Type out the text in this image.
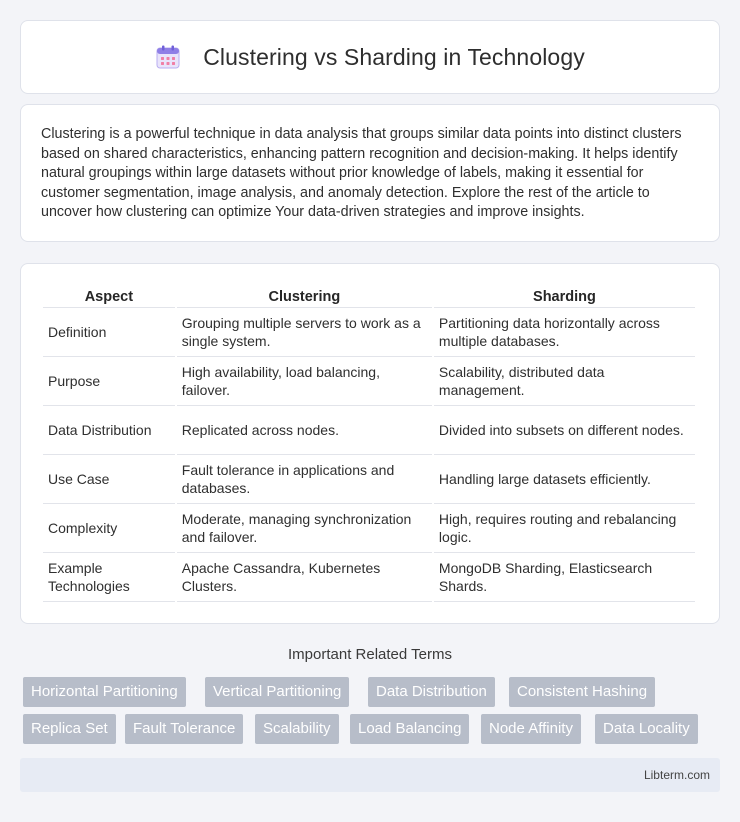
Clustering vs Sharding in Technology

Clustering is a powerful technique in data analysis that groups similar data points into distinct clusters based on shared characteristics, enhancing pattern recognition and decision-making. It helps identify natural groupings within large datasets without prior knowledge of labels, making it essential for customer segmentation, image analysis, and anomaly detection. Explore the rest of the article to uncover how clustering can optimize Your data-driven strategies and improve insights.

Aspect	Clustering	Sharding
Definition	Grouping multiple servers to work as a single system.	Partitioning data horizontally across multiple databases.
Purpose	High availability, load balancing, failover.	Scalability, distributed data management.
Data Distribution	Replicated across nodes.	Divided into subsets on different nodes.
Use Case	Fault tolerance in applications and databases.	Handling large datasets efficiently.
Complexity	Moderate, managing synchronization and failover.	High, requires routing and rebalancing logic.
Example Technologies	Apache Cassandra, Kubernetes Clusters.	MongoDB Sharding, Elasticsearch Shards.
Important Related Terms
Horizontal Partitioning	Vertical Partitioning	Data Distribution	Consistent Hashing
Replica Set	Fault Tolerance	Scalability	Load Balancing	Node Affinity	Data Locality
Libterm.com
